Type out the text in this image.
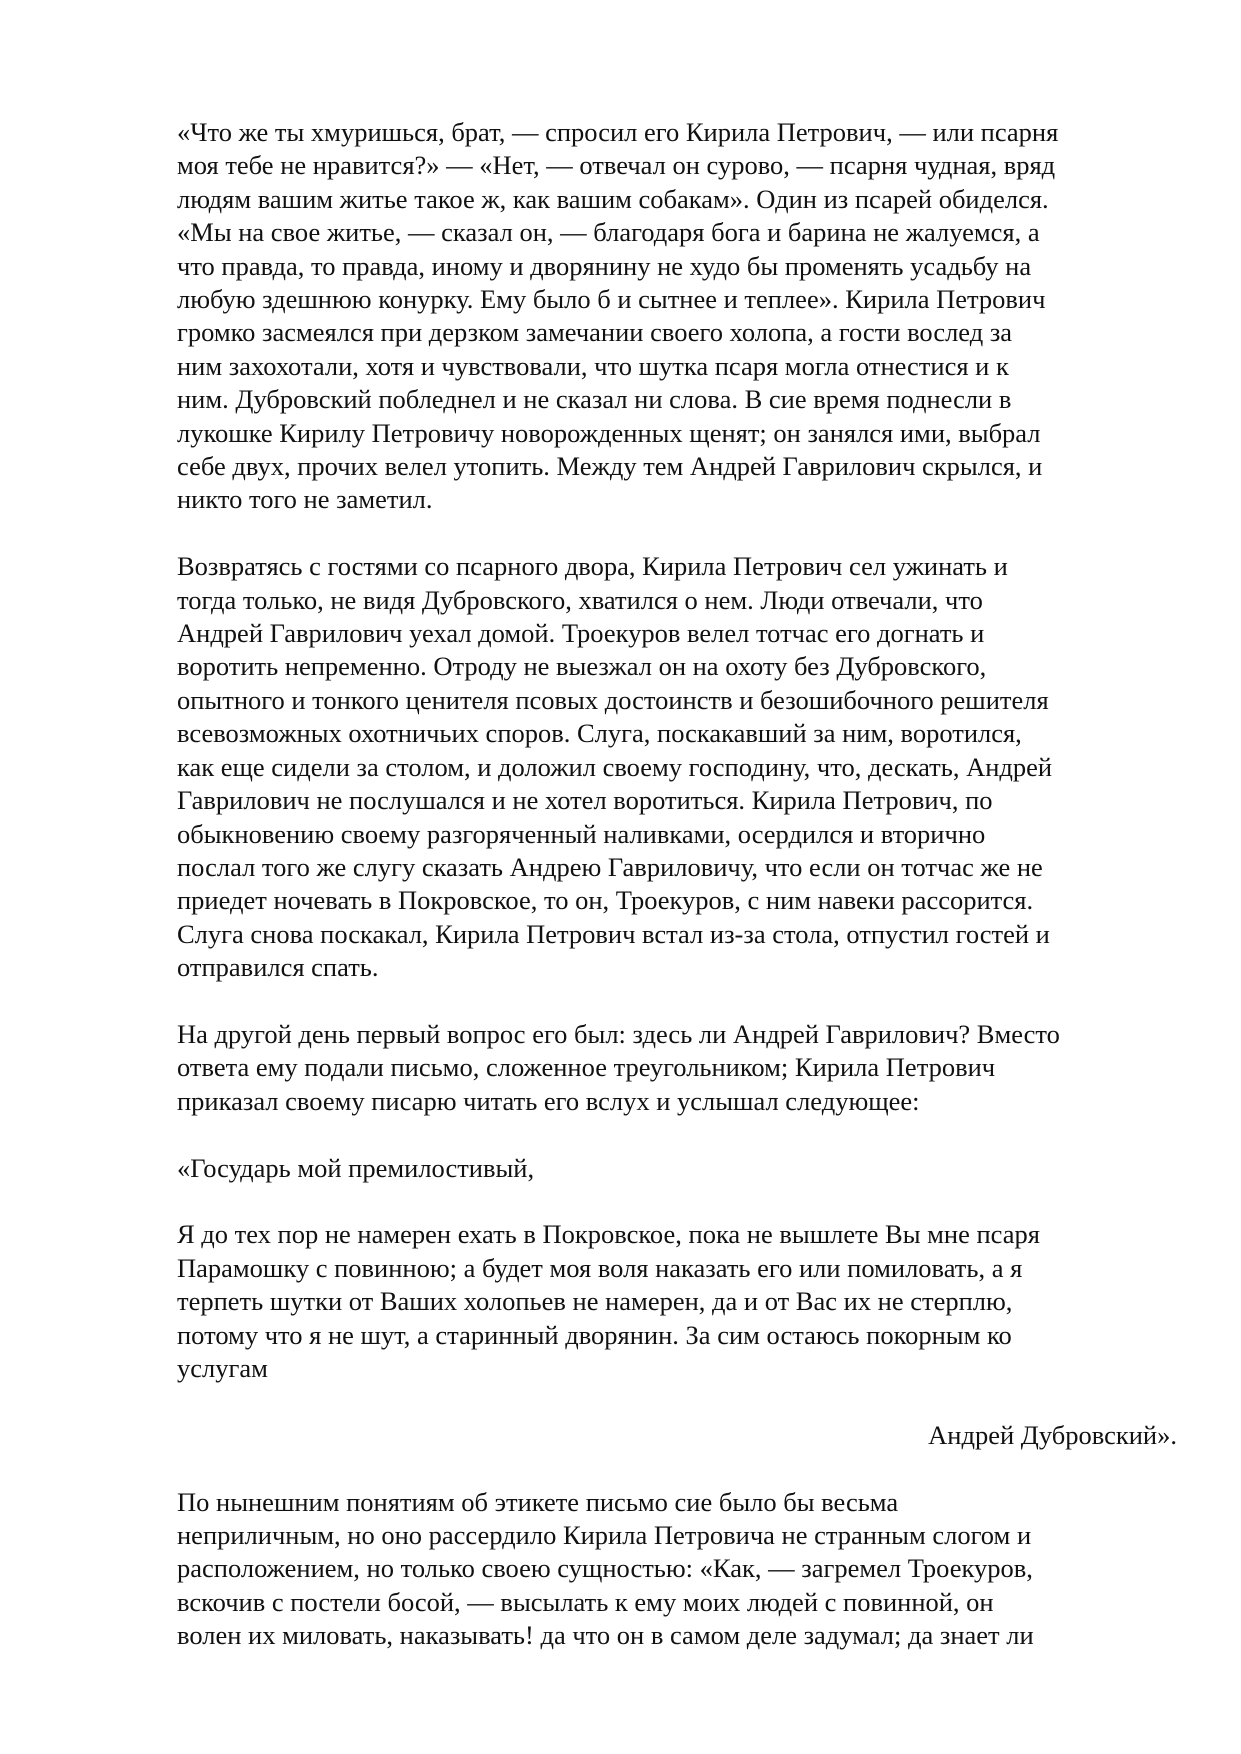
«Что же ты хмуришься, брат, — спросил его Кирила Петрович, — или псарня
моя тебе не нравится?» — «Нет, — отвечал он сурово, — псарня чудная, вряд
людям вашим житье такое ж, как вашим собакам». Один из псарей обиделся.
«Мы на свое житье, — сказал он, — благодаря бога и барина не жалуемся, а
что правда, то правда, иному и дворянину не худо бы променять усадьбу на
любую здешнюю конурку. Ему было б и сытнее и теплее». Кирила Петрович
громко засмеялся при дерзком замечании своего холопа, а гости вослед за
ним захохотали, хотя и чувствовали, что шутка псаря могла отнестися и к
ним. Дубровский побледнел и не сказал ни слова. В сие время поднесли в
лукошке Кирилу Петровичу новорожденных щенят; он занялся ими, выбрал
себе двух, прочих велел утопить. Между тем Андрей Гаврилович скрылся, и
никто того не заметил.

Возвратясь с гостями со псарного двора, Кирила Петрович сел ужинать и
тогда только, не видя Дубровского, хватился о нем. Люди отвечали, что
Андрей Гаврилович уехал домой. Троекуров велел тотчас его догнать и
воротить непременно. Отроду не выезжал он на охоту без Дубровского,
опытного и тонкого ценителя псовых достоинств и безошибочного решителя
всевозможных охотничьих споров. Слуга, поскакавший за ним, воротился,
как еще сидели за столом, и доложил своему господину, что, дескать, Андрей
Гаврилович не послушался и не хотел воротиться. Кирила Петрович, по
обыкновению своему разгоряченный наливками, осердился и вторично
послал того же слугу сказать Андрею Гавриловичу, что если он тотчас же не
приедет ночевать в Покровское, то он, Троекуров, с ним навеки рассорится.
Слуга снова поскакал, Кирила Петрович встал из-за стола, отпустил гостей и
отправился спать.

На другой день первый вопрос его был: здесь ли Андрей Гаврилович? Вместо
ответа ему подали письмо, сложенное треугольником; Кирила Петрович
приказал своему писарю читать его вслух и услышал следующее:

«Государь мой премилостивый,

Я до тех пор не намерен ехать в Покровское, пока не вышлете Вы мне псаря
Парамошку с повинною; а будет моя воля наказать его или помиловать, а я
терпеть шутки от Ваших холопьев не намерен, да и от Вас их не стерплю,
потому что я не шут, а старинный дворянин. За сим остаюсь покорным ко
услугам

Андрей Дубровский».

По нынешним понятиям об этикете письмо сие было бы весьма
неприличным, но оно рассердило Кирила Петровича не странным слогом и
расположением, но только своею сущностью: «Как, — загремел Троекуров,
вскочив с постели босой, — высылать к ему моих людей с повинной, он
волен их миловать, наказывать! да что он в самом деле задумал; да знает ли
